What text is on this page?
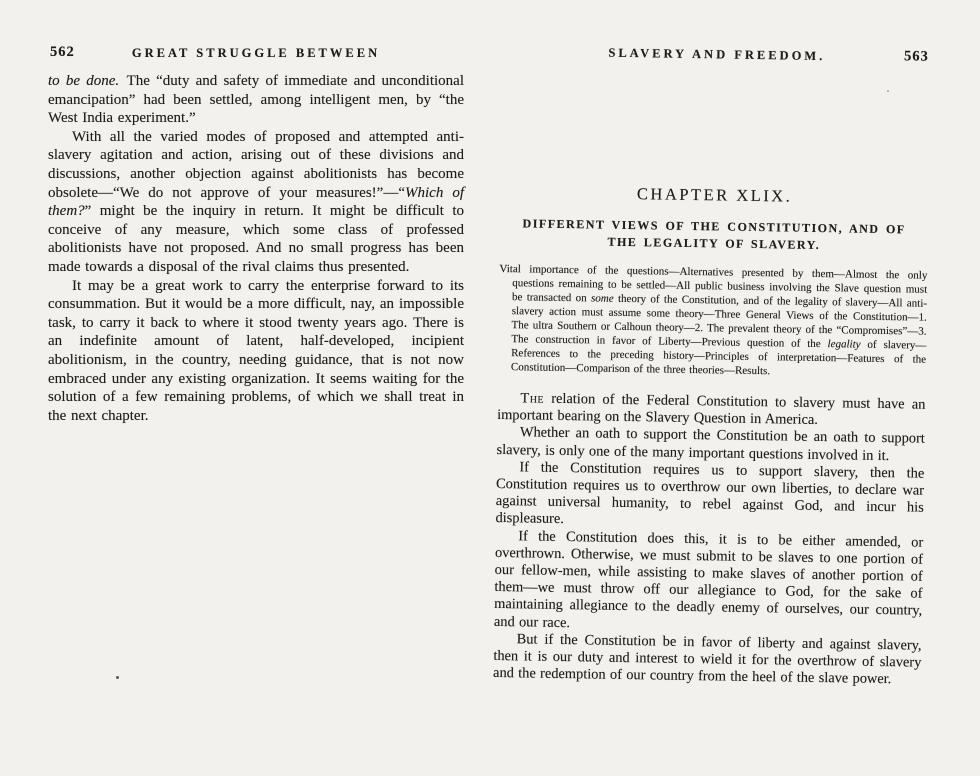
562	GREAT STRUGGLE BETWEEN

to be done. The “duty and safety of immediate and unconditional emancipation” had been settled, among intelligent men, by “the West India experiment.”

With all the varied modes of proposed and attempted anti-slavery agitation and action, arising out of these divisions and discussions, another objection against abolitionists has become obsolete—“We do not approve of your measures!”—“Which of them?” might be the inquiry in return. It might be difficult to conceive of any measure, which some class of professed abolitionists have not proposed. And no small progress has been made towards a disposal of the rival claims thus presented.

It may be a great work to carry the enterprise forward to its consummation. But it would be a more difficult, nay, an impossible task, to carry it back to where it stood twenty years ago. There is an indefinite amount of latent, half-developed, incipient abolitionism, in the country, needing guidance, that is not now embraced under any existing organization. It seems waiting for the solution of a few remaining problems, of which we shall treat in the next chapter.

SLAVERY AND FREEDOM.	563
CHAPTER XLIX.
DIFFERENT VIEWS OF THE CONSTITUTION, AND OF THE LEGALITY OF SLAVERY.
Vital importance of the questions—Alternatives presented by them—Almost the only questions remaining to be settled—All public business involving the Slave question must be transacted on some theory of the Constitution, and of the legality of slavery—All anti-slavery action must assume some theory—Three General Views of the Constitution—1. The ultra Southern or Calhoun theory—2. The prevalent theory of the “Compromises”—3. The construction in favor of Liberty—Previous question of the legality of slavery—References to the preceding history—Principles of interpretation—Features of the Constitution—Comparison of the three theories—Results.

The relation of the Federal Constitution to slavery must have an important bearing on the Slavery Question in America.

Whether an oath to support the Constitution be an oath to support slavery, is only one of the many important questions involved in it.

If the Constitution requires us to support slavery, then the Constitution requires us to overthrow our own liberties, to declare war against universal humanity, to rebel against God, and incur his displeasure.

If the Constitution does this, it is to be either amended, or overthrown. Otherwise, we must submit to be slaves to one portion of our fellow-men, while assisting to make slaves of another portion of them—we must throw off our allegiance to God, for the sake of maintaining allegiance to the deadly enemy of ourselves, our country, and our race.

But if the Constitution be in favor of liberty and against slavery, then it is our duty and interest to wield it for the overthrow of slavery and the redemption of our country from the heel of the slave power.
